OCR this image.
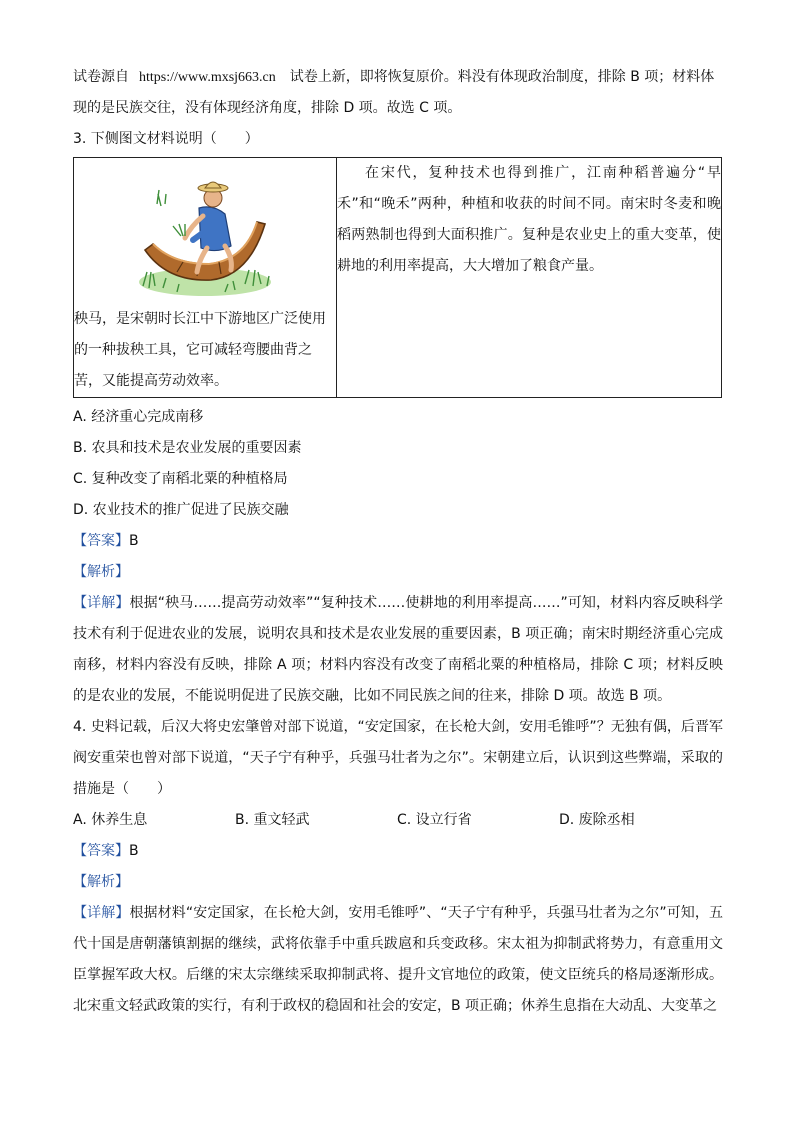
试卷源自 https://www.mxsj663.cn　 试卷上新，即将恢复原价。料没有体现政治制度，排除 B 项；材料体
现的是民族交往，没有体现经济角度，排除 D 项。故选 C 项。
3. 下侧图文材料说明（　　）
秧马，是宋朝时长江中下游地区广泛使用的一种拔秧工具，它可减轻弯腰曲背之苦，又能提高劳动效率。

在宋代，复种技术也得到推广，江南种稻普遍分“早禾”和“晚禾”两种，种植和收获的时间不同。南宋时冬麦和晚稻两熟制也得到大面积推广。复种是农业史上的重大变革，使耕地的利用率提高，大大增加了粮食产量。
A. 经济重心完成南移
B. 农具和技术是农业发展的重要因素
C. 复种改变了南稻北粟的种植格局
D. 农业技术的推广促进了民族交融
【答案】B
【解析】
【详解】根据“秧马……提高劳动效率”“复种技术……使耕地的利用率提高……”可知，材料内容反映科学技术有利于促进农业的发展，说明农具和技术是农业发展的重要因素，B 项正确；南宋时期经济重心完成南移，材料内容没有反映，排除 A 项；材料内容没有改变了南稻北粟的种植格局，排除 C 项；材料反映的是农业的发展，不能说明促进了民族交融，比如不同民族之间的往来，排除 D 项。故选 B 项。
4. 史料记载，后汉大将史宏肇曾对部下说道，“安定国家，在长枪大剑，安用毛锥呼”？无独有偶，后晋军阀安重荣也曾对部下说道，“天子宁有种乎，兵强马壮者为之尔”。宋朝建立后，认识到这些弊端，采取的措施是（　　）
A. 休养生息	B. 重文轻武	C. 设立行省	D. 废除丞相
【答案】B
【解析】
【详解】根据材料“安定国家，在长枪大剑，安用毛锥呼”、“天子宁有种乎，兵强马壮者为之尔”可知，五代十国是唐朝藩镇割据的继续，武将依靠手中重兵跋扈和兵变政移。宋太祖为抑制武将势力，有意重用文臣掌握军政大权。后继的宋太宗继续采取抑制武将、提升文官地位的政策，使文臣统兵的格局逐渐形成。北宋重文轻武政策的实行，有利于政权的稳固和社会的安定，B 项正确；休养生息指在大动乱、大变革之
